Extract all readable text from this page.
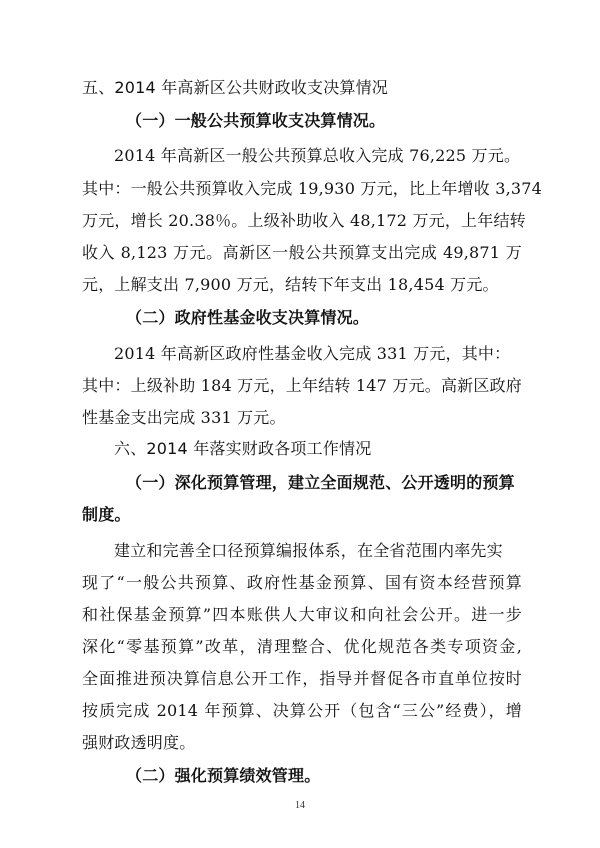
五、2014 年高新区公共财政收支决算情况
（一）一般公共预算收支决算情况。
2014 年高新区一般公共预算总收入完成 76,225 万元。
其中：一般公共预算收入完成 19,930 万元，比上年增收 3,374
万元，增长 20.38％。上级补助收入 48,172 万元，上年结转
收入 8,123 万元。高新区一般公共预算支出完成 49,871 万
元，上解支出 7,900 万元，结转下年支出 18,454 万元。
（二）政府性基金收支决算情况。
2014 年高新区政府性基金收入完成 331 万元，其中：
其中：上级补助 184 万元，上年结转 147 万元。高新区政府
性基金支出完成 331 万元。
六、2014 年落实财政各项工作情况
（一）深化预算管理，建立全面规范、公开透明的预算
制度。
建立和完善全口径预算编报体系，在全省范围内率先实
现了“一般公共预算、政府性基金预算、国有资本经营预算
和社保基金预算”四本账供人大审议和向社会公开。进一步
深化“零基预算”改革，清理整合、优化规范各类专项资金,
全面推进预决算信息公开工作，指导并督促各市直单位按时
按质完成 2014 年预算、决算公开（包含“三公”经费），增
强财政透明度。
（二）强化预算绩效管理。
14
